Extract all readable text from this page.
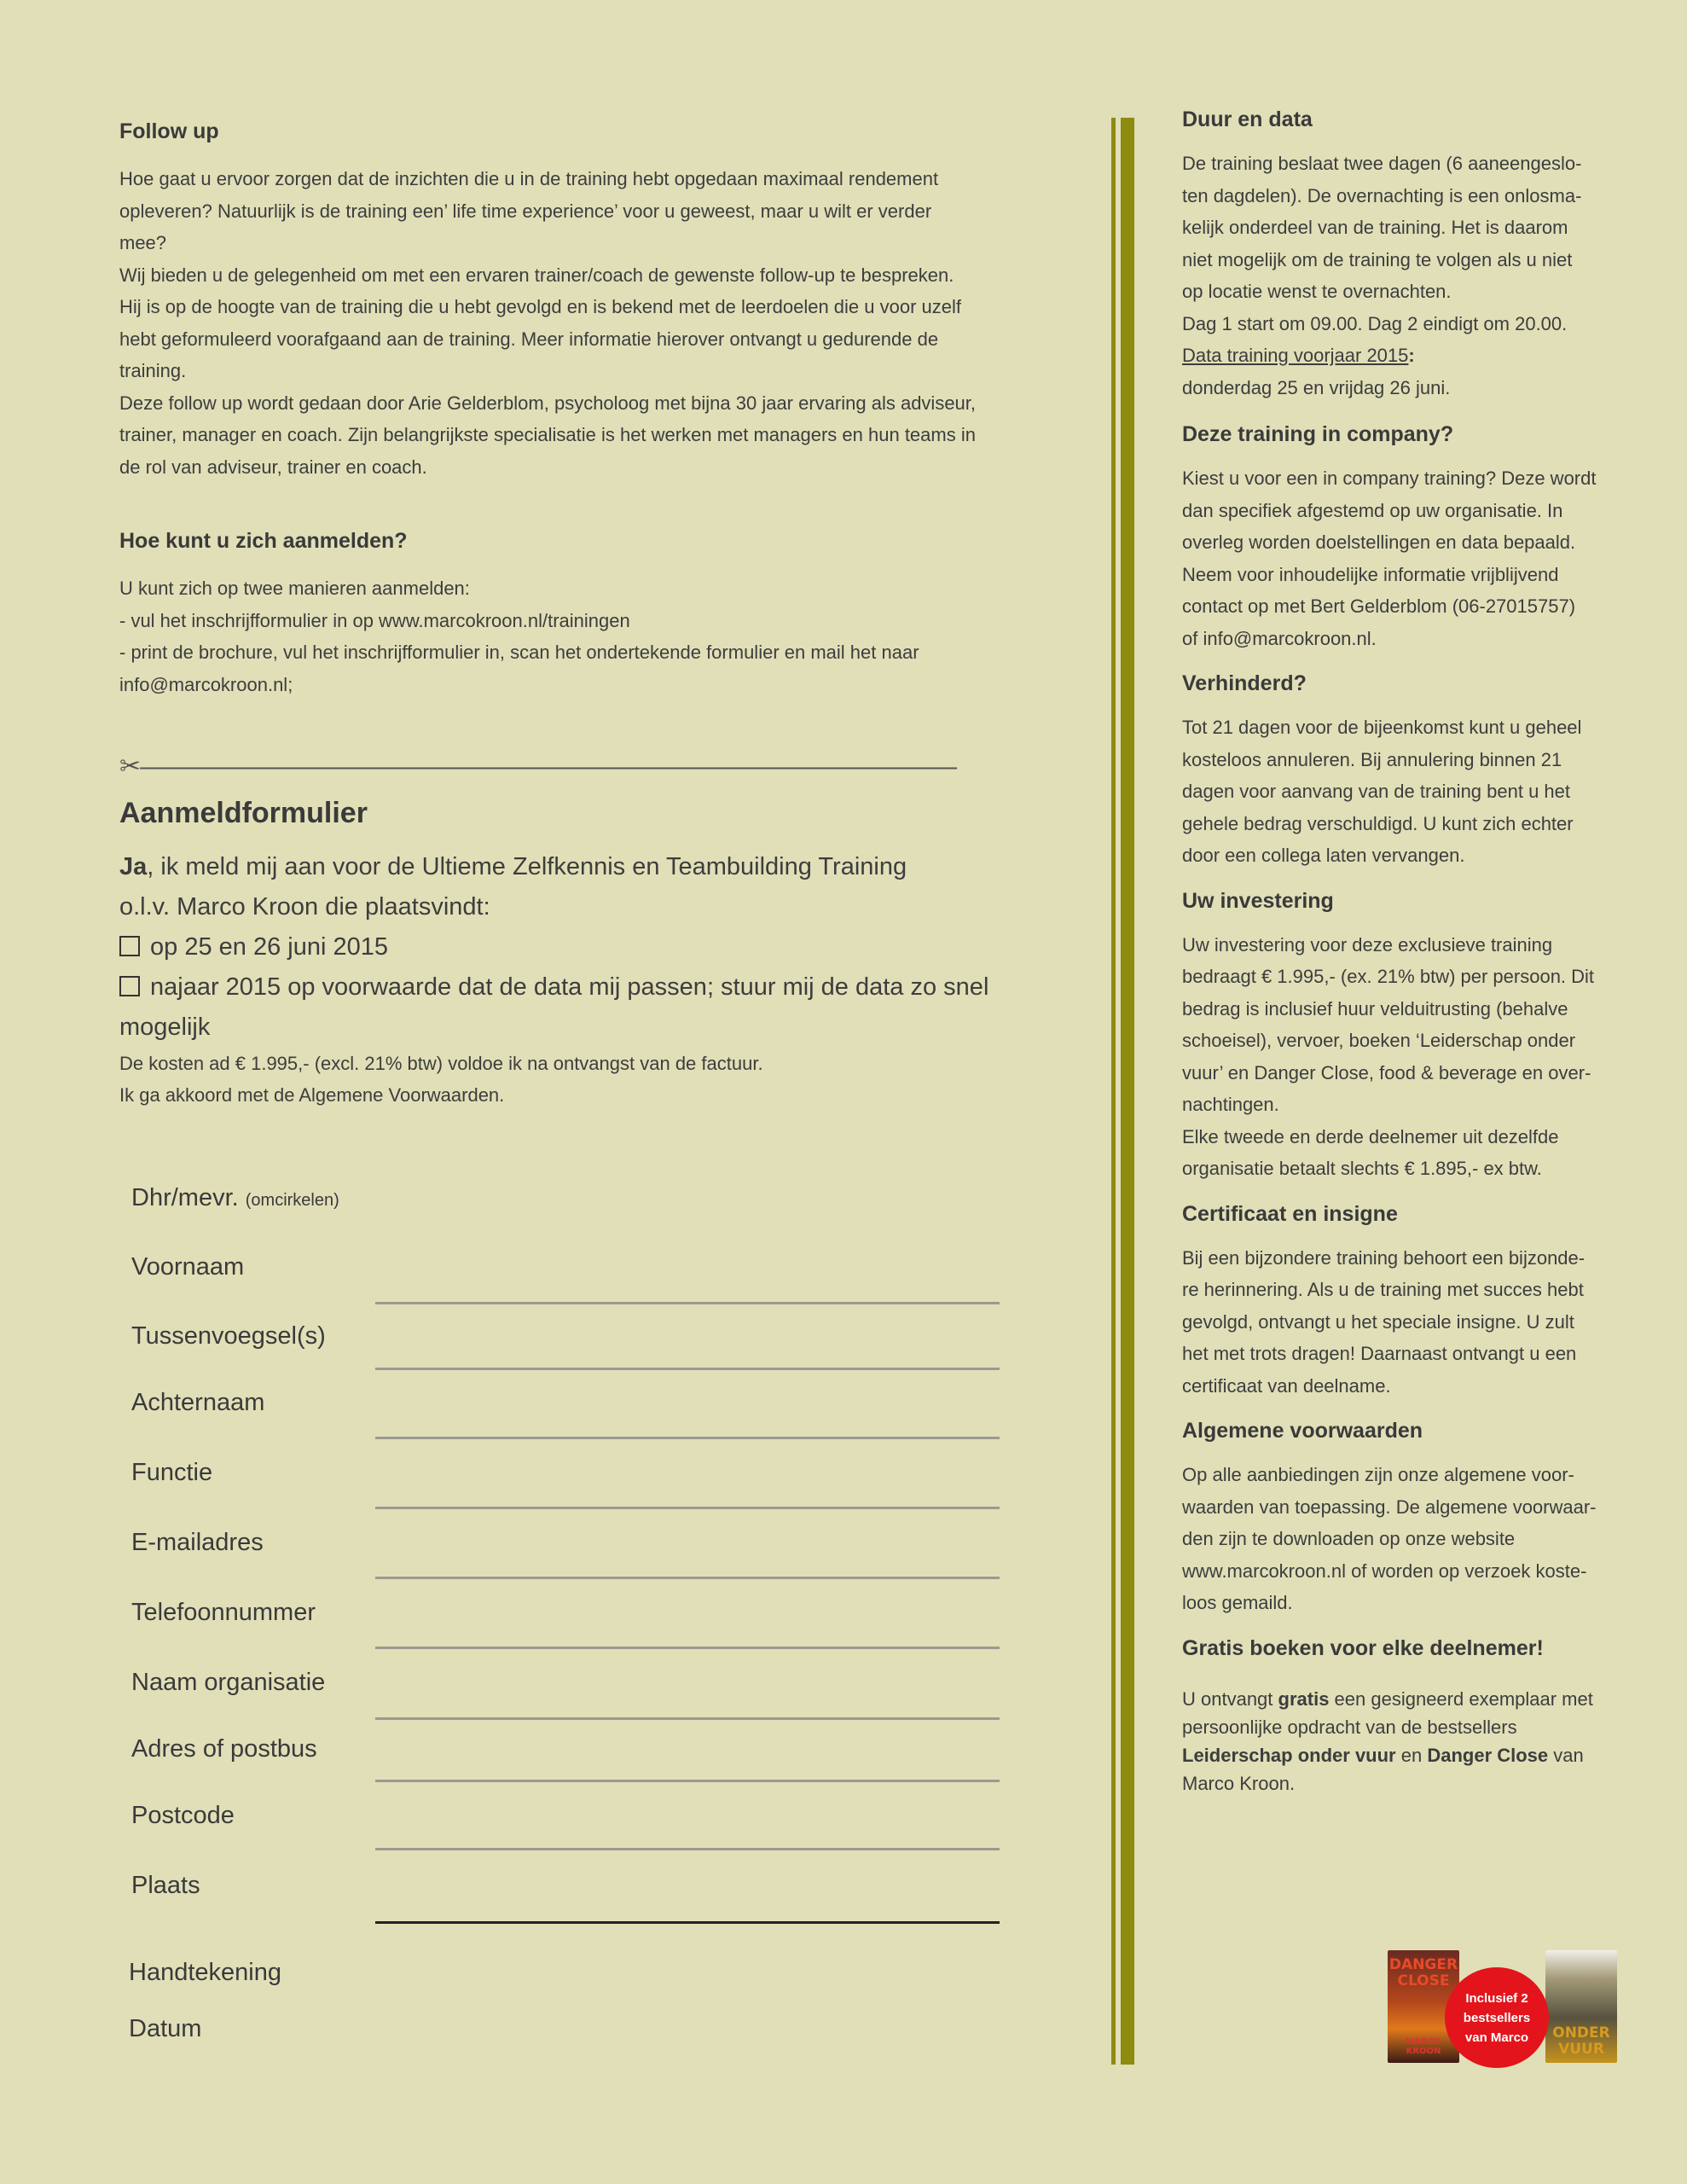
Follow up

Hoe gaat u ervoor zorgen dat de inzichten die u in de training hebt opgedaan maximaal rendement
opleveren? Natuurlijk is de training een’ life time experience’ voor u geweest, maar u wilt er verder
mee?
Wij bieden u de gelegenheid om met een ervaren trainer/coach de gewenste follow-up te bespreken.
Hij is op de hoogte van de training die u hebt gevolgd en is bekend met de leerdoelen die u voor uzelf
hebt geformuleerd voorafgaand aan de training. Meer informatie hierover ontvangt u gedurende de
training.
Deze follow up wordt gedaan door Arie Gelderblom, psycholoog met bijna 30 jaar ervaring als adviseur,
trainer, manager en coach. Zijn belangrijkste specialisatie is het werken met managers en hun teams in
de rol van adviseur, trainer en coach.

Hoe kunt u zich aanmelden?

U kunt zich op twee manieren aanmelden:
- vul het inschrijfformulier in op www.marcokroon.nl/trainingen
- print de brochure, vul het inschrijfformulier in, scan het ondertekende formulier en mail het naar
info@marcokroon.nl;

✂—————————————————————————————————
Aanmeldformulier

Ja, ik meld mij aan voor de Ultieme Zelfkennis en Teambuilding Training

o.l.v. Marco Kroon die plaatsvindt:

op 25 en 26 juni 2015

najaar 2015 op voorwaarde dat de data mij passen; stuur mij de data zo snel

mogelijk

De kosten ad € 1.995,- (excl. 21% btw) voldoe ik na ontvangst van de factuur.

Ik ga akkoord met de Algemene Voorwaarden.

Dhr/mevr. (omcirkelen)
Voornaam
Tussenvoegsel(s)
Achternaam
Functie
E-mailadres
Telefoonnummer
Naam organisatie
Adres of postbus
Postcode
Plaats
Handtekening
Datum
Duur en data

De training beslaat twee dagen (6 aaneengeslo-
ten dagdelen). De overnachting is een onlosma-
kelijk onderdeel van de training. Het is daarom
niet mogelijk om de training te volgen als u niet
op locatie wenst te overnachten.
Dag 1 start om 09.00. Dag 2 eindigt om 20.00.

Data training voorjaar 2015:

donderdag 25 en vrijdag 26 juni.

Deze training in company?

Kiest u voor een in company training? Deze wordt
dan specifiek afgestemd op uw organisatie. In
overleg worden doelstellingen en data bepaald.
Neem voor inhoudelijke informatie vrijblijvend
contact op met Bert Gelderblom (06-27015757)
of info@marcokroon.nl.

Verhinderd?

Tot 21 dagen voor de bijeenkomst kunt u geheel
kosteloos annuleren. Bij annulering binnen 21
dagen voor aanvang van de training bent u het
gehele bedrag verschuldigd. U kunt zich echter
door een collega laten vervangen.

Uw investering

Uw investering voor deze exclusieve training
bedraagt € 1.995,- (ex. 21% btw) per persoon. Dit
bedrag is inclusief huur velduitrusting (behalve
schoeisel), vervoer, boeken ‘Leiderschap onder
vuur’ en Danger Close, food & beverage en over-
nachtingen.
Elke tweede en derde deelnemer uit dezelfde
organisatie betaalt slechts € 1.895,- ex btw.

Certificaat en insigne

Bij een bijzondere training behoort een bijzonde-
re herinnering. Als u de training met succes hebt
gevolgd, ontvangt u het speciale insigne. U zult
het met trots dragen! Daarnaast ontvangt u een
certificaat van deelname.

Algemene voorwaarden

Op alle aanbiedingen zijn onze algemene voor-
waarden van toepassing. De algemene voorwaar-
den zijn te downloaden op onze website
www.marcokroon.nl of worden op verzoek koste-
loos gemaild.

Gratis boeken voor elke deelnemer!

U ontvangt gratis een gesigneerd exemplaar met persoonlijke opdracht van de bestsellers Leiderschap onder vuur en Danger Close van Marco Kroon.

DANGER CLOSE
MARCO KROON
ONDER VUUR
Inclusief 2 bestsellers van Marco
